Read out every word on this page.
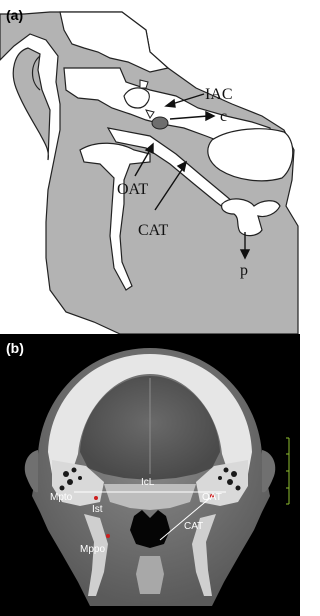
(a)
IAC
c
OAT
CAT
p
(b)
IcL
Mpto
Ist
OAT
CAT
Mppo
